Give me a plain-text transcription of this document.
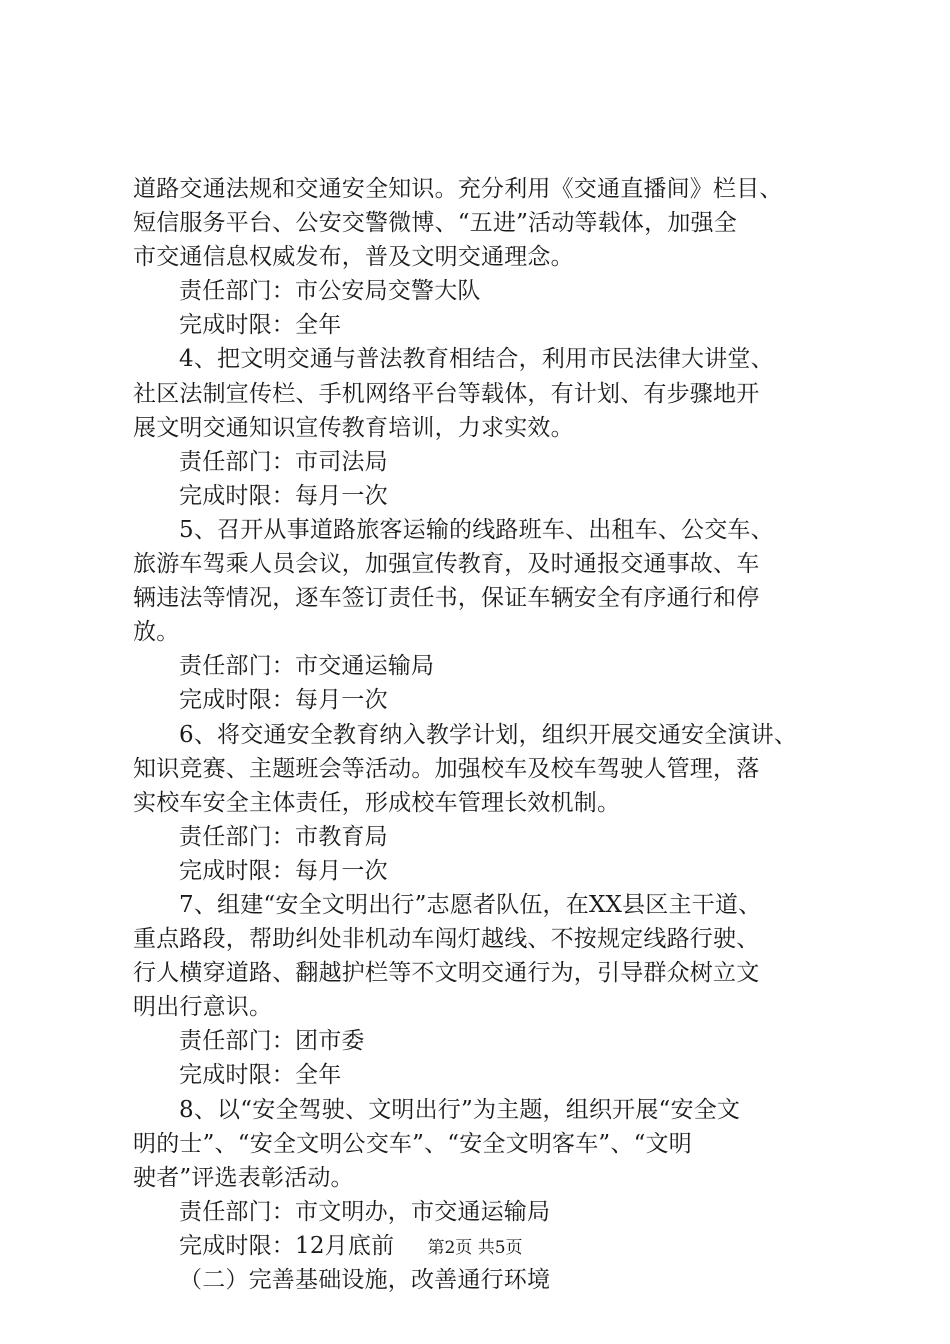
道路交通法规和交通安全知识。充分利用《交通直播间》栏目、
短信服务平台、公安交警微博、“五进”活动等载体，加强全
市交通信息权威发布，普及文明交通理念。
责任部门：市公安局交警大队
完成时限：全年
4、把文明交通与普法教育相结合，利用市民法律大讲堂、
社区法制宣传栏、手机网络平台等载体，有计划、有步骤地开
展文明交通知识宣传教育培训，力求实效。
责任部门：市司法局
完成时限：每月一次
5、召开从事道路旅客运输的线路班车、出租车、公交车、
旅游车驾乘人员会议，加强宣传教育，及时通报交通事故、车
辆违法等情况，逐车签订责任书，保证车辆安全有序通行和停
放。
责任部门：市交通运输局
完成时限：每月一次
6、将交通安全教育纳入教学计划，组织开展交通安全演讲、
知识竞赛、主题班会等活动。加强校车及校车驾驶人管理，落
实校车安全主体责任，形成校车管理长效机制。
责任部门：市教育局
完成时限：每月一次
7、组建“安全文明出行”志愿者队伍，在XX县区主干道、
重点路段，帮助纠处非机动车闯灯越线、不按规定线路行驶、
行人横穿道路、翻越护栏等不文明交通行为，引导群众树立文
明出行意识。
责任部门：团市委
完成时限：全年
8、以“安全驾驶、文明出行”为主题，组织开展“安全文
明的士”、“安全文明公交车”、“安全文明客车”、“文明
驶者”评选表彰活动。
责任部门：市文明办，市交通运输局
完成时限：12月底前
（二）完善基础设施，改善通行环境
第2页 共5页
